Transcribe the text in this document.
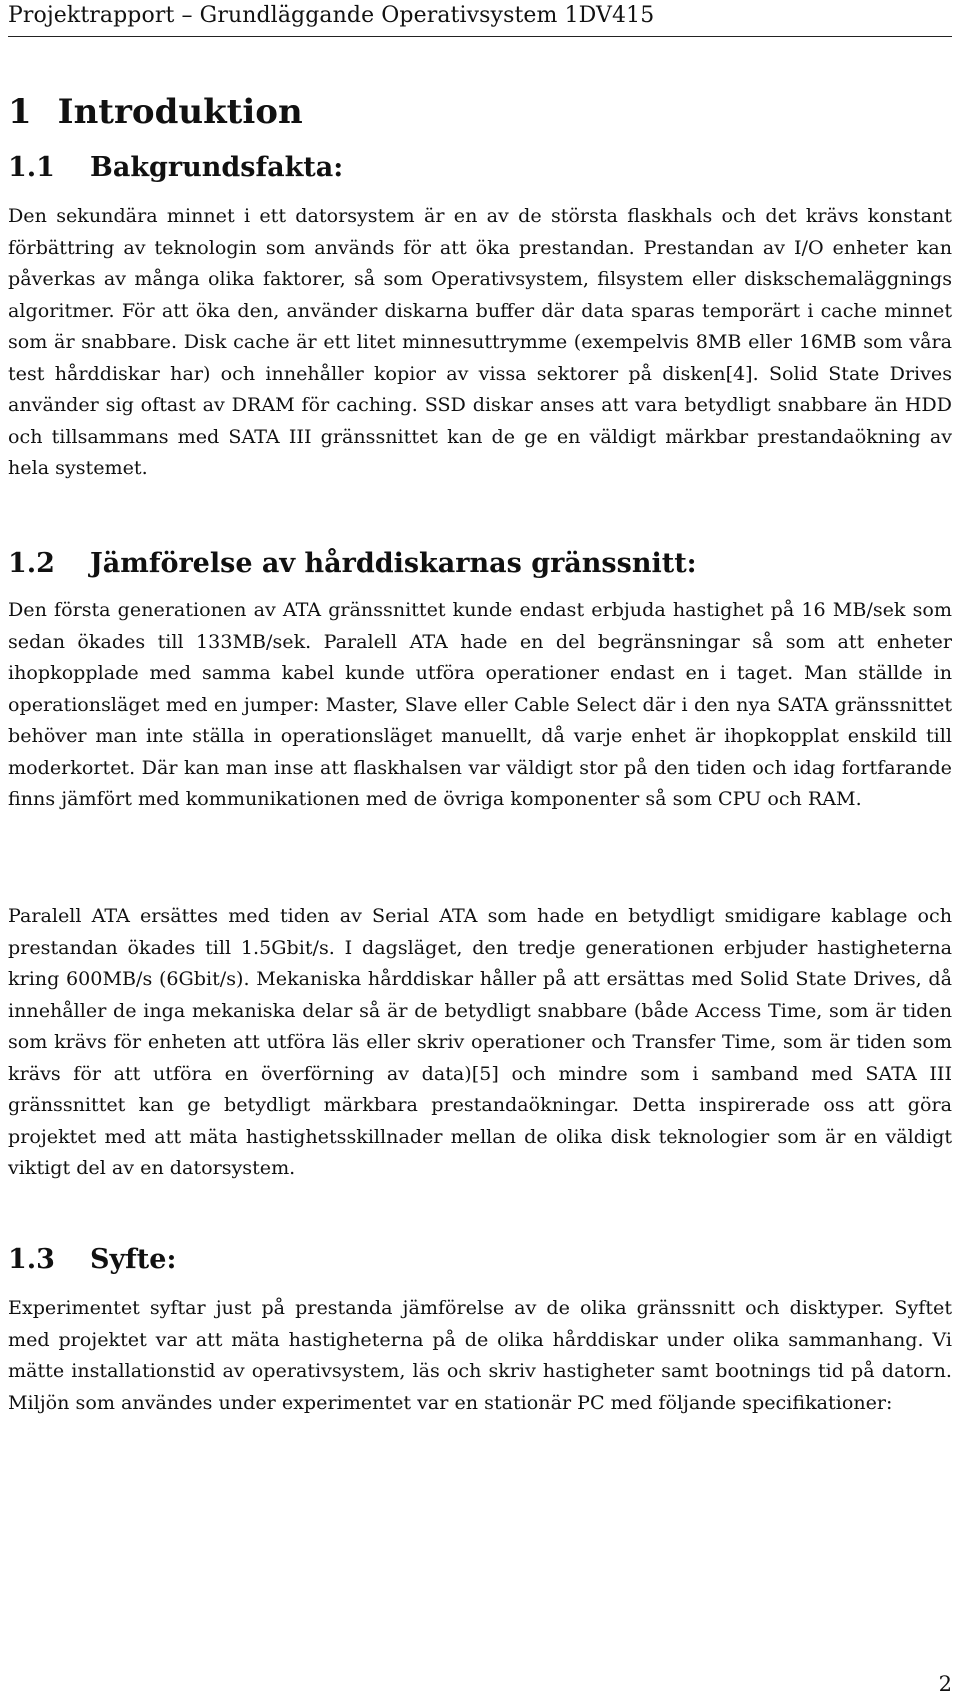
Projektrapport – Grundläggande Operativsystem 1DV415
1 Introduktion
1.1 Bakgrundsfakta:

Den sekundära minnet i ett datorsystem är en av de största flaskhals och det krävs konstant förbättring av teknologin som används för att öka prestandan. Prestandan av I/O enheter kan påverkas av många olika faktorer, så som Operativsystem, filsystem eller diskschemaläggnings algoritmer. För att öka den, använder diskarna buffer där data sparas temporärt i cache minnet som är snabbare. Disk cache är ett litet minnesuttrymme (exempelvis 8MB eller 16MB som våra test hårddiskar har) och innehåller kopior av vissa sektorer på disken[4]. Solid State Drives använder sig oftast av DRAM för caching. SSD diskar anses att vara betydligt snabbare än HDD och tillsammans med SATA III gränssnittet kan de ge en väldigt märkbar prestandaökning av hela systemet.

1.2 Jämförelse av hårddiskarnas gränssnitt:

Den första generationen av ATA gränssnittet kunde endast erbjuda hastighet på 16 MB/sek som sedan ökades till 133MB/sek. Paralell ATA hade en del begränsningar så som att enheter ihopkopplade med samma kabel kunde utföra operationer endast en i taget. Man ställde in operationsläget med en jumper: Master, Slave eller Cable Select där i den nya SATA gränssnittet behöver man inte ställa in operationsläget manuellt, då varje enhet är ihopkopplat enskild till moderkortet. Där kan man inse att flaskhalsen var väldigt stor på den tiden och idag fortfarande finns jämfört med kommunikationen med de övriga komponenter så som CPU och RAM.

Paralell ATA ersättes med tiden av Serial ATA som hade en betydligt smidigare kablage och prestandan ökades till 1.5Gbit/s. I dagsläget, den tredje generationen erbjuder hastigheterna kring 600MB/s (6Gbit/s). Mekaniska hårddiskar håller på att ersättas med Solid State Drives, då innehåller de inga mekaniska delar så är de betydligt snabbare (både Access Time, som är tiden som krävs för enheten att utföra läs eller skriv operationer och Transfer Time, som är tiden som krävs för att utföra en överförning av data)[5] och mindre som i samband med SATA III gränssnittet kan ge betydligt märkbara prestandaökningar. Detta inspirerade oss att göra projektet med att mäta hastighetsskillnader mellan de olika disk teknologier som är en väldigt viktigt del av en datorsystem.

1.3 Syfte:

Experimentet syftar just på prestanda jämförelse av de olika gränssnitt och disktyper. Syftet med projektet var att mäta hastigheterna på de olika hårddiskar under olika sammanhang. Vi mätte installationstid av operativsystem, läs och skriv hastigheter samt bootnings tid på datorn. Miljön som användes under experimentet var en stationär PC med följande specifikationer:

2
